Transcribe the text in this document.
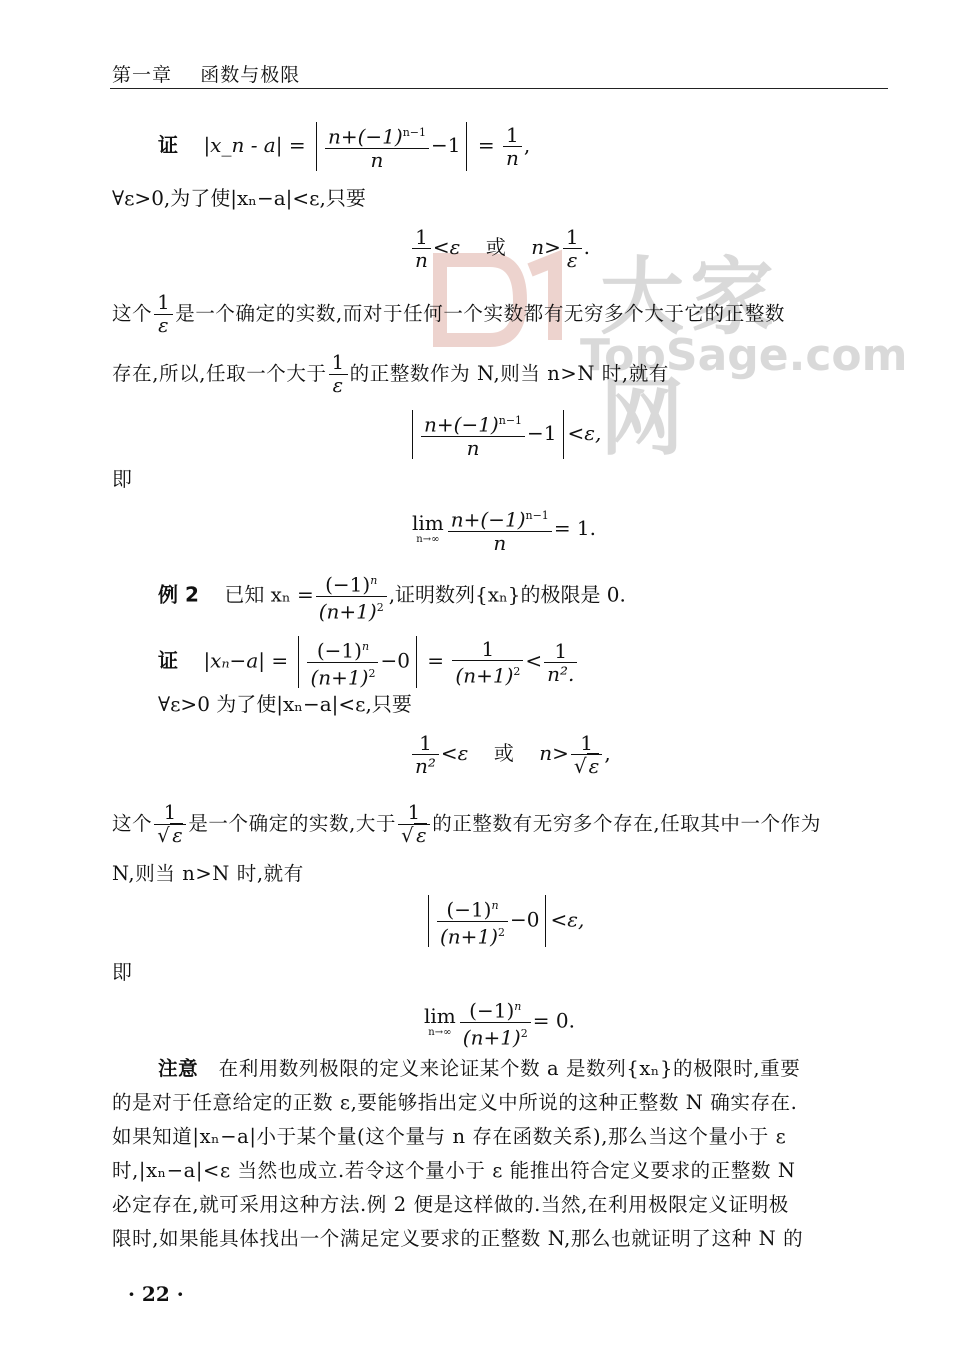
第一章 函数与极限
大家网
TopSage.com
证 |x_n - $a| = \frac{n+(-1)^{n-1}}{n} -1 = \frac{1}{n}$ ,
∀ε>0,为了使|xₙ−a|<ε,只要
$\frac{1}{n} <\varepsilon$ 或 $n> \frac{1}{\varepsilon}$ .
这个 $\frac{1}{\varepsilon}$ 是一个确定的实数,而对于任何一个实数都有无穷多个大于它的正整数
存在,所以,任取一个大于 $\frac{1}{\varepsilon}$ 的正整数作为 N,则当 n>N 时,就有
$\frac{n+(-1)^{n-1}}{n} -1 <\varepsilon$,
即
lim
$n\to\infty \frac{n+(-1)^{n-1}}{n} = 1$.
例 2 已知 $x_n = \frac{(-1)^n}{(n+1)^2}$ ,证明数列{xₙ}的极限是 0.
证 $|x_n-a| = \frac{(-1)^n}{(n+1)^2} -0 = \frac{1}{(n+1)^2} < \frac{1}{\text{n².}}$
∀ε>0 为了使|xₙ−a|<ε,只要
$\frac{1}{\text{n²}} <\varepsilon$ 或 $n> \frac{1}{√ \varepsilon}$ ,
这个 $\frac{1}{√ \varepsilon}$ 是一个确定的实数,大于 $\frac{1}{√ \varepsilon}$ 的正整数有无穷多个存在,任取其中一个作为
N,则当 n>N 时,就有
$\frac{(-1)^n}{(n+1)^2} -0 <\varepsilon$,
即
lim
$n\to\infty \frac{(-1)^n}{(n+1)^2} = 0$.
注意 在利用数列极限的定义来论证某个数 a 是数列{xₙ}的极限时,重要
的是对于任意给定的正数 ε,要能够指出定义中所说的这种正整数 N 确实存在.
如果知道|xₙ−a|小于某个量(这个量与 n 存在函数关系),那么当这个量小于 ε
时,|xₙ−a|<ε 当然也成立.若令这个量小于 ε 能推出符合定义要求的正整数 N
必定存在,就可采用这种方法.例 2 便是这样做的.当然,在利用极限定义证明极
限时,如果能具体找出一个满足定义要求的正整数 N,那么也就证明了这种 N 的
· 22 ·
